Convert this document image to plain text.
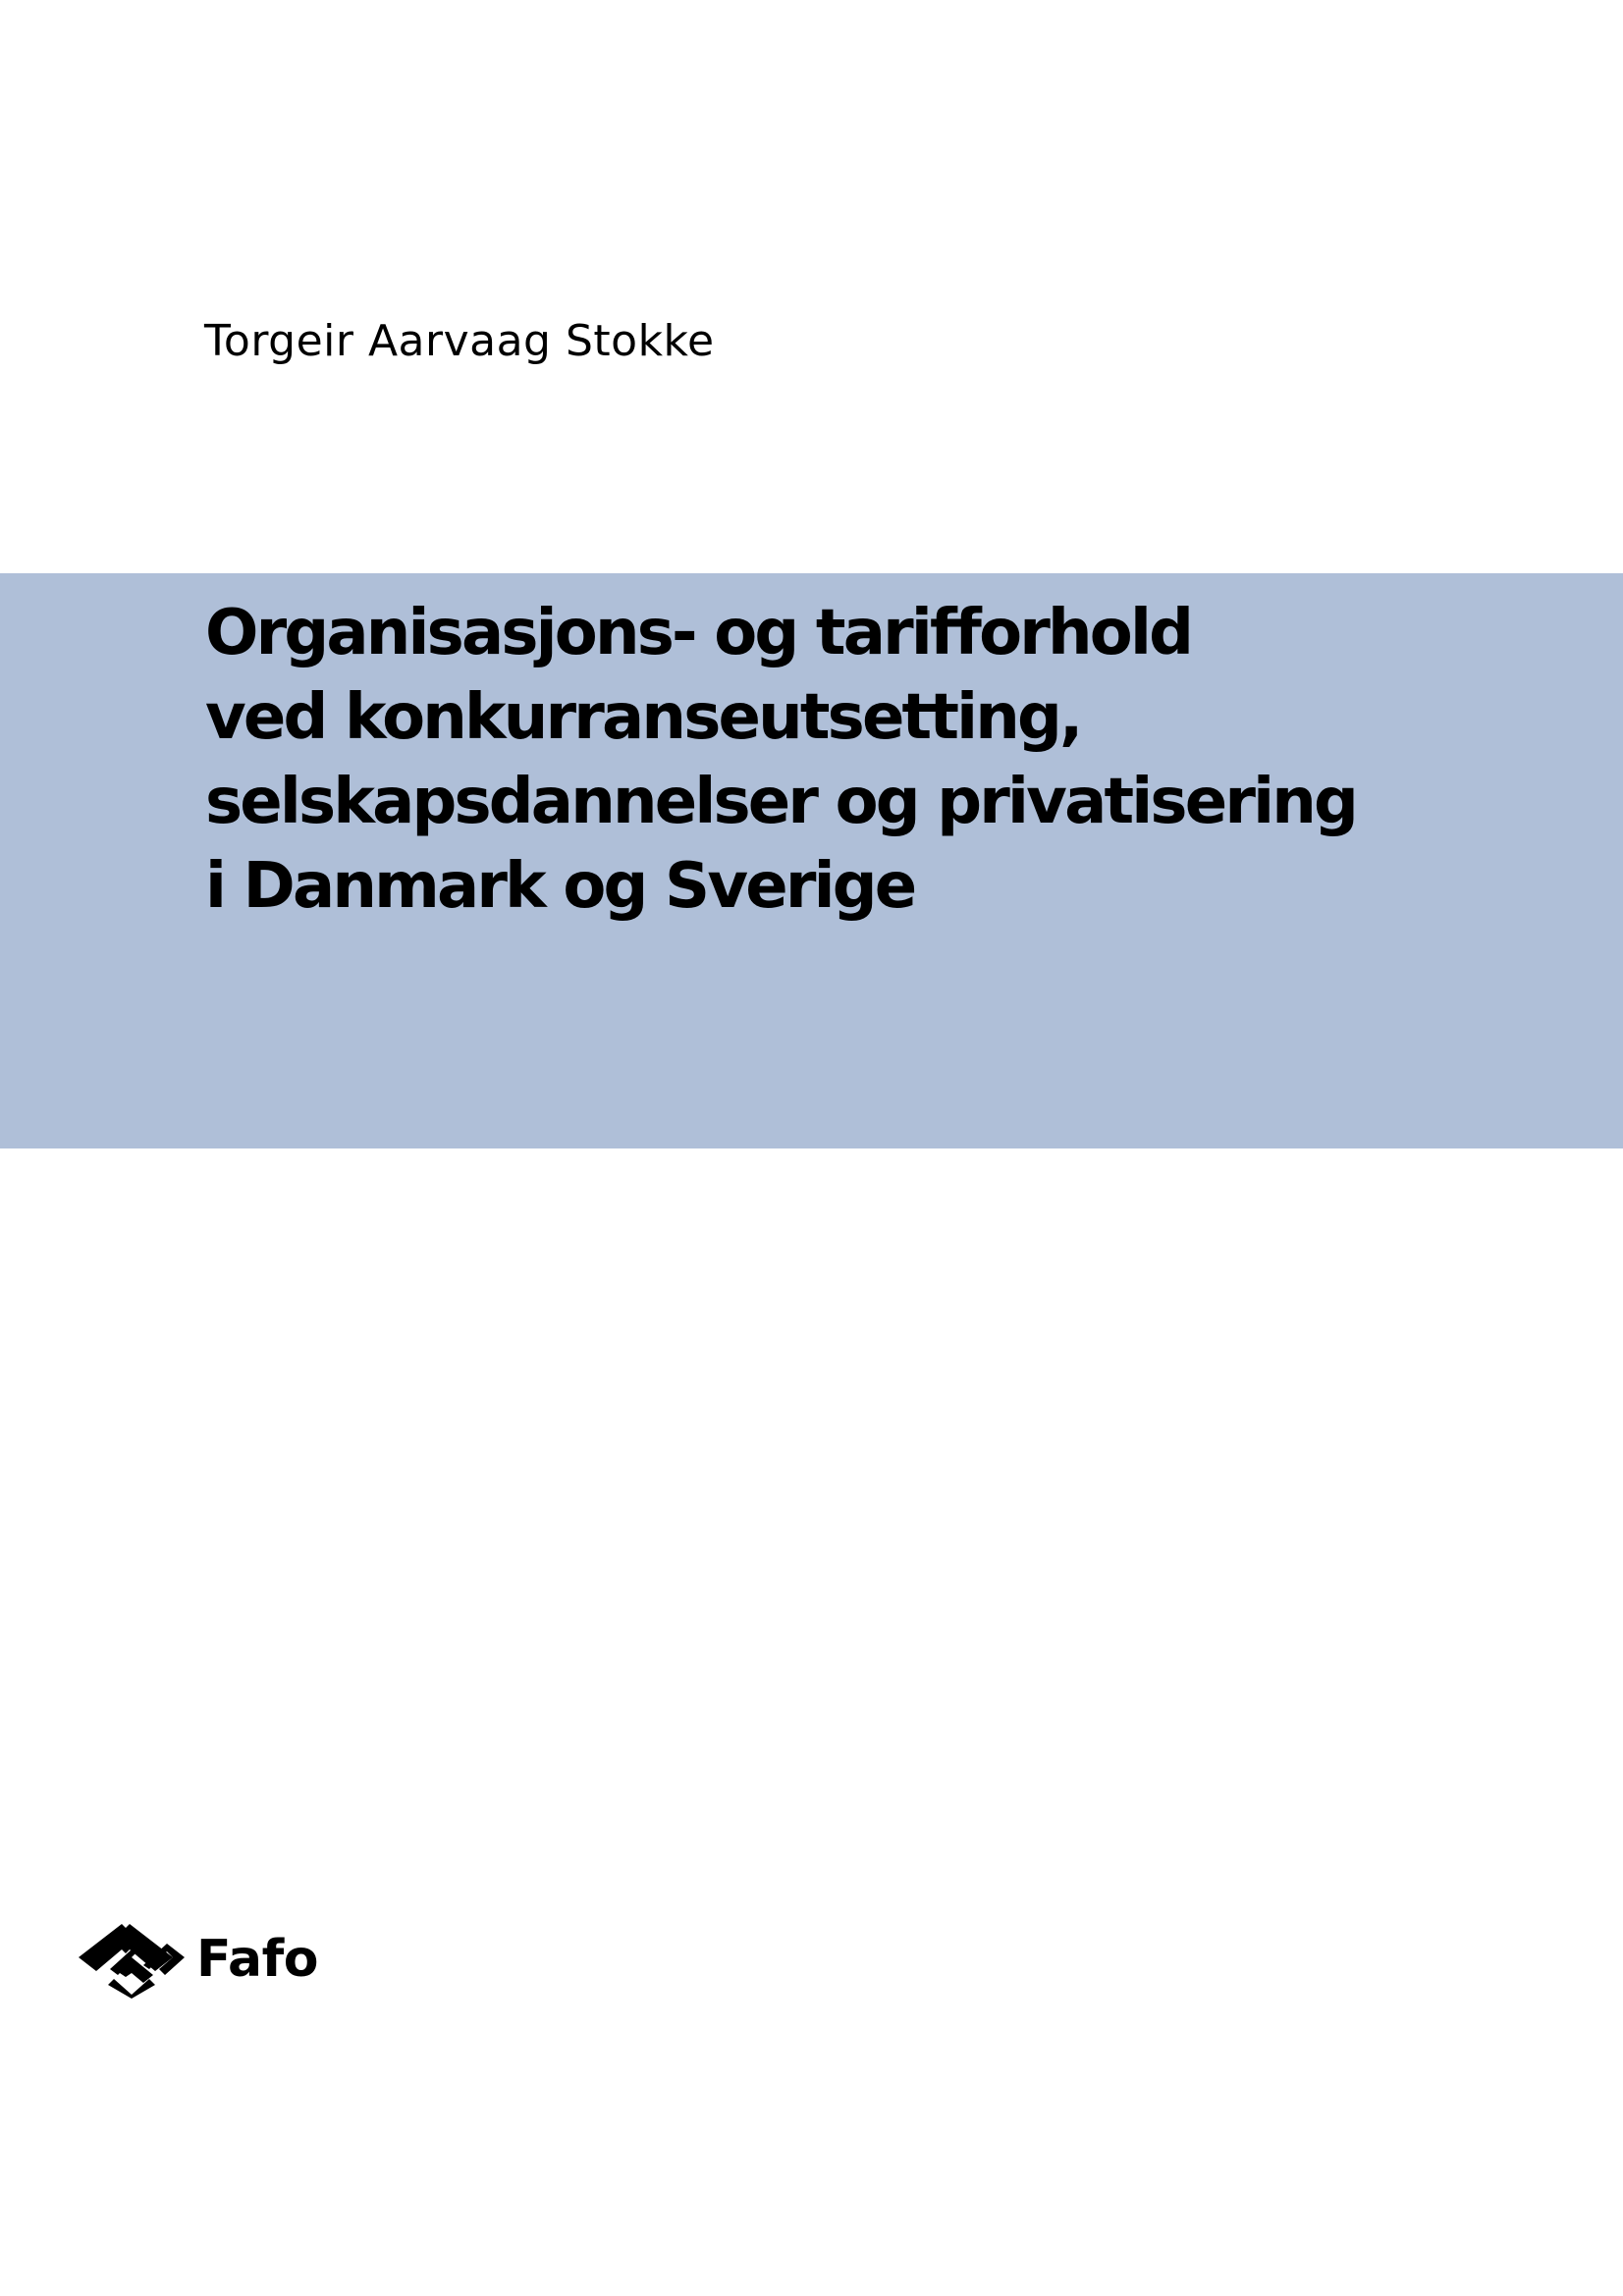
Torgeir Aarvaag Stokke
Organisasjons- og tarifforhold
ved konkurranseutsetting,
selskapsdannelser og privatisering
i Danmark og Sverige
Fafo
